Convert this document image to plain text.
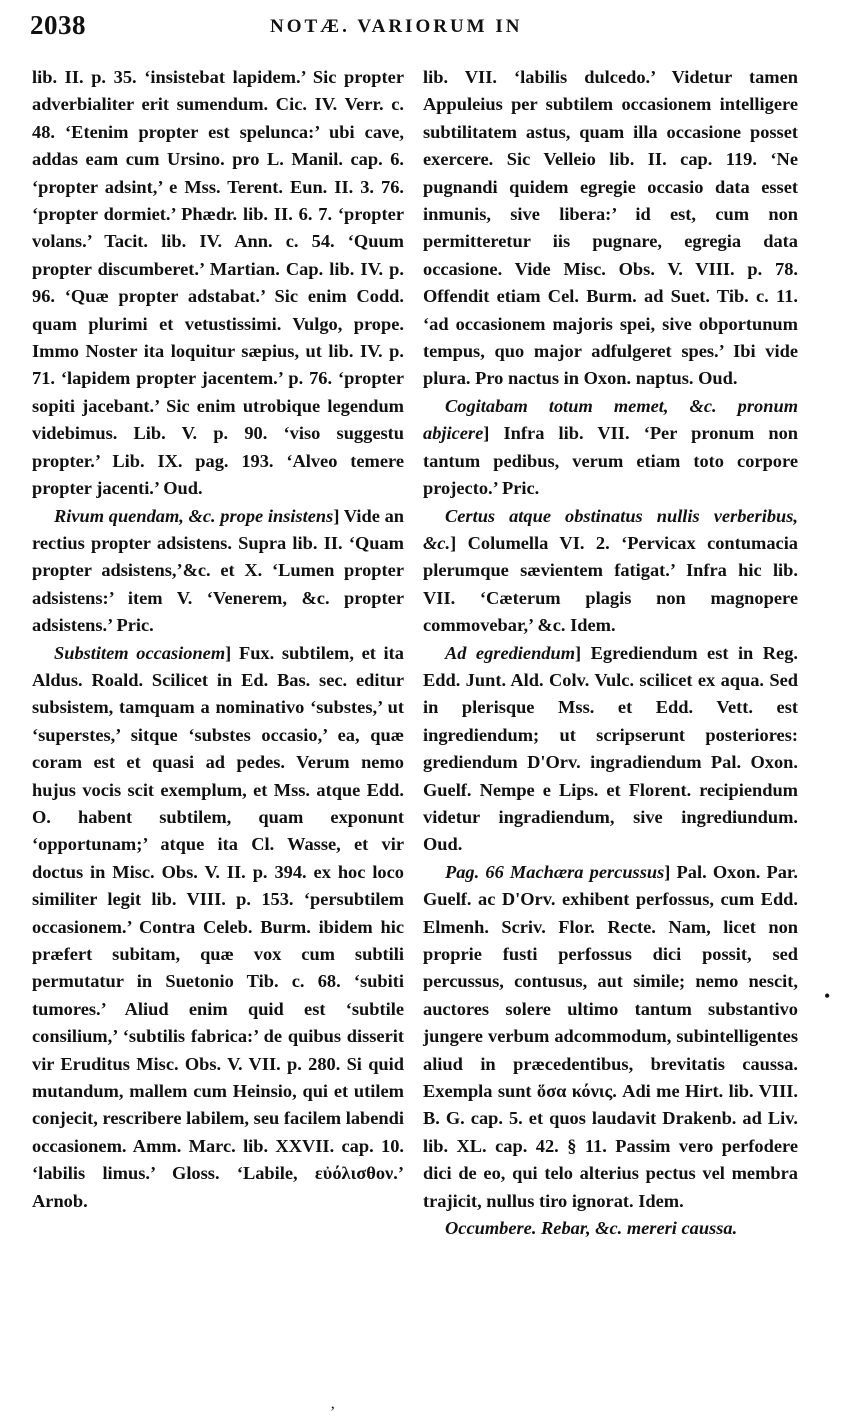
2038	NOTÆ. VARIORUM IN

lib. II. p. 35. ‘insistebat lapidem.’ Sic propter adverbialiter erit sumendum. Cic. IV. Verr. c. 48. ‘Etenim propter est spelunca:’ ubi cave, addas eam cum Ursino. pro L. Manil. cap. 6. ‘propter adsint,’ e Mss. Terent. Eun. II. 3. 76. ‘propter dormiet.’ Phædr. lib. II. 6. 7. ‘propter volans.’ Tacit. lib. IV. Ann. c. 54. ‘Quum propter discumberet.’ Martian. Cap. lib. IV. p. 96. ‘Quæ propter adstabat.’ Sic enim Codd. quam plurimi et vetustissimi. Vulgo, prope. Immo Noster ita loquitur sæpius, ut lib. IV. p. 71. ‘lapidem propter jacentem.’ p. 76. ‘propter sopiti jacebant.’ Sic enim utrobique legendum videbimus. Lib. V. p. 90. ‘viso suggestu propter.’ Lib. IX. pag. 193. ‘Alveo temere propter jacenti.’ Oud.

Rivum quendam, &c. prope insistens] Vide an rectius propter adsistens. Supra lib. II. ‘Quam propter adsistens,’&c. et X. ‘Lumen propter adsistens:’ item V. ‘Venerem, &c. propter adsistens.’ Pric.

Substitem occasionem] Fux. subtilem, et ita Aldus. Roald. Scilicet in Ed. Bas. sec. editur subsistem, tamquam a nominativo ‘substes,’ ut ‘superstes,’ sitque ‘substes occasio,’ ea, quæ coram est et quasi ad pedes. Verum nemo hujus vocis scit exemplum, et Mss. atque Edd. O. habent subtilem, quam exponunt ‘opportunam;’ atque ita Cl. Wasse, et vir doctus in Misc. Obs. V. II. p. 394. ex hoc loco similiter legit lib. VIII. p. 153. ‘persubtilem occasionem.’ Contra Celeb. Burm. ibidem hic præfert subitam, quæ vox cum subtili permutatur in Suetonio Tib. c. 68. ‘subiti tumores.’ Aliud enim quid est ‘subtile consilium,’ ‘subtilis fabrica:’ de quibus disserit vir Eruditus Misc. Obs. V. VII. p. 280. Si quid mutandum, mallem cum Heinsio, qui et utilem conjecit, rescribere labilem, seu facilem labendi occasionem. Amm. Marc. lib. XXVII. cap. 10. ‘labilis limus.’ Gloss. ‘Labile, εὐόλισθον.’ Arnob.

lib. VII. ‘labilis dulcedo.’ Videtur tamen Appuleius per subtilem occasionem intelligere subtilitatem astus, quam illa occasione posset exercere. Sic Velleio lib. II. cap. 119. ‘Ne pugnandi quidem egregie occasio data esset inmunis, sive libera:’ id est, cum non permitteretur iis pugnare, egregia data occasione. Vide Misc. Obs. V. VIII. p. 78. Offendit etiam Cel. Burm. ad Suet. Tib. c. 11. ‘ad occasionem majoris spei, sive obportunum tempus, quo major adfulgeret spes.’ Ibi vide plura. Pro nactus in Oxon. naptus. Oud.

Cogitabam totum memet, &c. pronum abjicere] Infra lib. VII. ‘Per pronum non tantum pedibus, verum etiam toto corpore projecto.’ Pric.

Certus atque obstinatus nullis verberibus, &c.] Columella VI. 2. ‘Pervicax contumacia plerumque sævientem fatigat.’ Infra hic lib. VII. ‘Cæterum plagis non magnopere commovebar,’ &c. Idem.

Ad egrediendum] Egrediendum est in Reg. Edd. Junt. Ald. Colv. Vulc. scilicet ex aqua. Sed in plerisque Mss. et Edd. Vett. est ingrediendum; ut scripserunt posteriores: grediendum D'Orv. ingradiendum Pal. Oxon. Guelf. Nempe e Lips. et Florent. recipiendum videtur ingradiendum, sive ingrediundum. Oud.

Pag. 66 Machæra percussus] Pal. Oxon. Par. Guelf. ac D'Orv. exhibent perfossus, cum Edd. Elmenh. Scriv. Flor. Recte. Nam, licet non proprie fusti perfossus dici possit, sed percussus, contusus, aut simile; nemo nescit, auctores solere ultimo tantum substantivo jungere verbum adcommodum, subintelligentes aliud in præcedentibus, brevitatis caussa. Exempla sunt ὅσα κόνις. Adi me Hirt. lib. VIII. B. G. cap. 5. et quos laudavit Drakenb. ad Liv. lib. XL. cap. 42. § 11. Passim vero perfodere dici de eo, qui telo alterius pectus vel membra trajicit, nullus tiro ignorat. Idem.

Occumbere. Rebar, &c. mereri caussa.

•
ʼ
